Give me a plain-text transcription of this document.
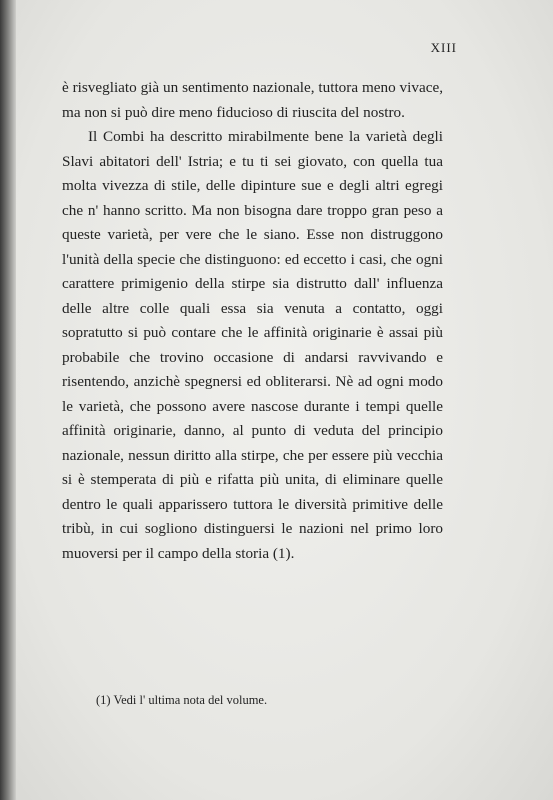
XIII

è risvegliato già un sentimento nazionale, tuttora meno vivace, ma non si può dire meno fiducioso di riuscita del nostro.

Il Combi ha descritto mirabilmente bene la varietà degli Slavi abitatori dell' Istria; e tu ti sei giovato, con quella tua molta vivezza di stile, delle dipinture sue e degli altri egregi che n' hanno scritto. Ma non bisogna dare troppo gran peso a queste varietà, per vere che le siano. Esse non distruggono l'unità della specie che distinguono: ed eccetto i casi, che ogni carattere primigenio della stirpe sia distrutto dall' influenza delle altre colle quali essa sia venuta a contatto, oggi sopratutto si può contare che le affinità originarie è assai più probabile che trovino occasione di andarsi ravvivando e risentendo, anzichè spegnersi ed obliterarsi. Nè ad ogni modo le varietà, che possono avere nascose durante i tempi quelle affinità originarie, danno, al punto di veduta del principio nazionale, nessun diritto alla stirpe, che per essere più vecchia si è stemperata di più e rifatta più unita, di eliminare quelle dentro le quali apparissero tuttora le diversità primitive delle tribù, in cui sogliono distinguersi le nazioni nel primo loro muoversi per il campo della storia (1).

(1) Vedi l' ultima nota del volume.
